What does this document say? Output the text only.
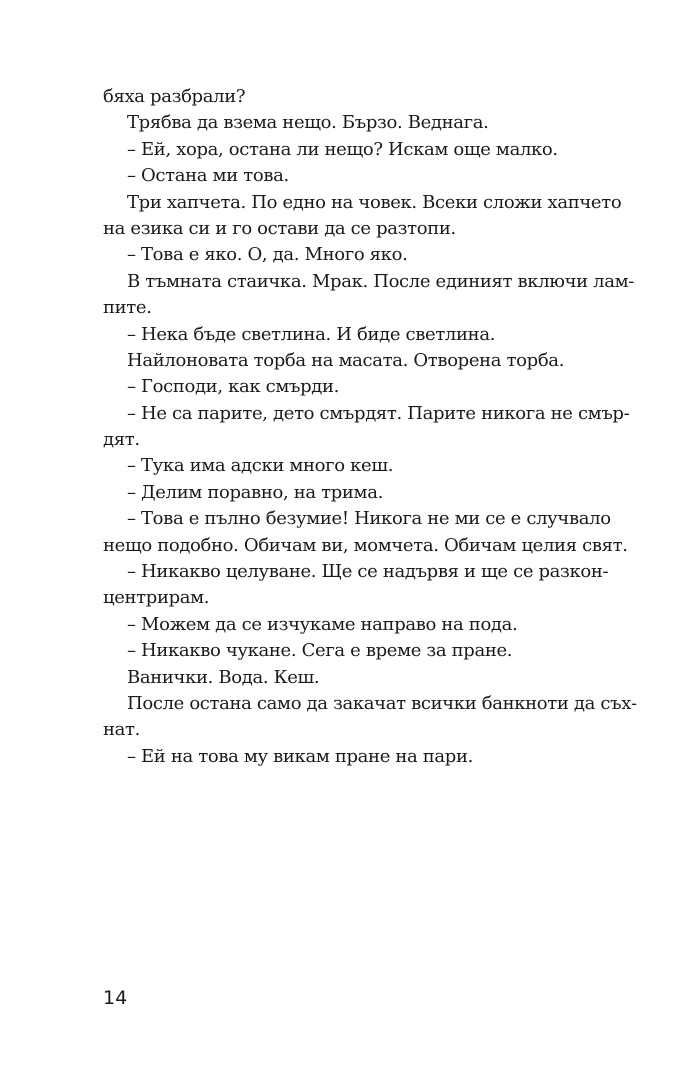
бяха разбрали?
Трябва да взема нещо. Бързо. Веднага.
– Ей, хора, остана ли нещо? Искам още малко.
– Остана ми това.
Три хапчета. По едно на човек. Всеки сложи хапчето
на езика си и го остави да се разтопи.
– Това е яко. О, да. Много яко.
В тъмната стаичка. Мрак. После единият включи лам-
пите.
– Нека бъде светлина. И биде светлина.
Найлоновата торба на масата. Отворена торба.
– Господи, как смърди.
– Не са парите, дето смърдят. Парите никога не смър-
дят.
– Тука има адски много кеш.
– Делим поравно, на трима.
– Това е пълно безумие! Никога не ми се е случвало
нещо подобно. Обичам ви, момчета. Обичам целия свят.
– Никакво целуване. Ще се надървя и ще се разкон-
центрирам.
– Можем да се изчукаме направо на пода.
– Никакво чукане. Сега е време за пране.
Ванички. Вода. Кеш.
После остана само да закачат всички банкноти да съх-
нат.
– Ей на това му викам пране на пари.
14
